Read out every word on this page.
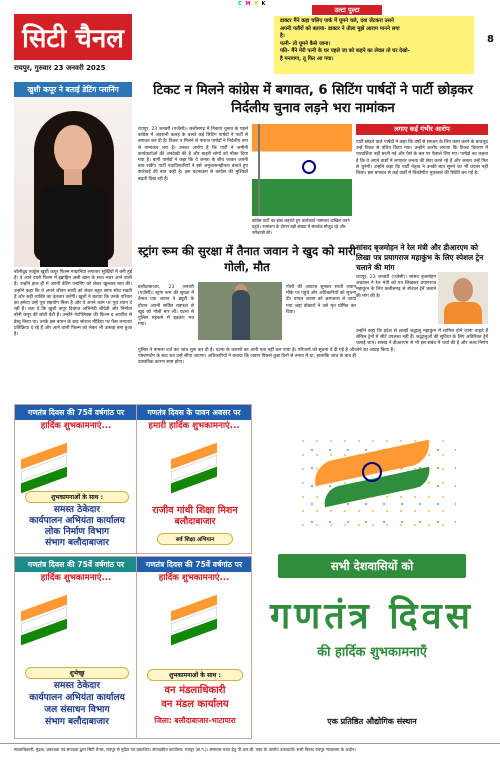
C M Y K
सिटी चैनल
रायपुर, गुरुवार 23 जनवरी 2025
उल्टा पुल्टा
डाक्टर मैंने कहा चलिए पार्क में घूमने चले, दवा लेंटकरा उसने
अपनी पतौरों को बताया- डाक्टर ने तोला मुझे आराम मानने लगा
है।
पत्नी- तो घूमने कैसे जाना।
पति- मैंने मेरी पत्नी के घर पहले जा को कहने का लेवल तो घर देखो-
है मनायगा, तू फिर आ गया।
8
खुशी कपूर ने बताई डेटिंग प्लानिंग
बॉलीवुड एक्ट्रेस खुशी कपूर फ़िल्म नादानियां लगातार सुर्खियों में बनी हुई हैं। वे आने वाली फिल्म में इब्राहिम अली खान के साथ नजर आने वाली हैं। उन्होंने हाल ही में अपनी डेटिंग प्लानिंग को लेकर खुलकर बात की। उन्होंने कहा कि वे अपने जीवन साथी को लेकर बहुत साफ सोच रखती हैं और सही व्यक्ति का इंतजार करेंगी। खुशी ने बताया कि उनके परिवार का हमेशा उन्हें पूरा सहयोग मिला है और वे अपने काम पर पूरा ध्यान दे रही हैं। बता दें कि खुशी कपूर दिवंगत अभिनेत्री श्रीदेवी और निर्माता बोनी कपूर की छोटी बेटी हैं। उन्होंने नेटफ्लिक्स की फिल्म द आर्चीज से डेब्यू किया था। उनके इस बयान के बाद सोशल मीडिया पर फैंस लगातार प्रतिक्रिया दे रहे हैं और आने वाली फिल्म को लेकर भी उत्साह बना हुआ है।
टिकट न मिलने कांग्रेस में बगावत, 6 सिटिंग पार्षदों ने पार्टी छोड़कर निर्दलीय चुनाव लड़ने भरा नामांकन
रायपुर, 23 जनवरी (एजेंसी)। छत्तीसगढ़ में निकाय चुनाव के पहले कांग्रेस में अंदरूनी कलह के चलते कई सिटिंग पार्षदों ने पार्टी से बगावत कर दी है। टिकट न मिलने से नाराज पार्षदों ने निर्दलीय रूप से नामांकन भरा है। उनका आरोप है कि पार्टी ने जमीनी कार्यकर्ताओं की अनदेखी की है और बाहरी लोगों को मौका दिया गया है। बागी पार्षदों ने कहा कि वे जनता के बीच जाकर अपनी बात रखेंगे। पार्टी पदाधिकारियों ने इसे अनुशासनहीनता बताते हुए कार्रवाई की बात कही है। इस घटनाक्रम से कांग्रेस की मुश्किलें बढ़ती दिख रही हैं।
कांग्रेस पार्टी का झंडा लहराते हुए कार्यकर्ता नामांकन दाखिल करने पहुंचे। नामांकन के दौरान बड़ी संख्या में समर्थक मौजूद रहे और नारेबाजी की।
लगाए कई गंभीर आरोप
पार्टी छोड़ने वाले पार्षदों ने कहा कि वर्षों से संगठन के लिए काम करने के बावजूद उन्हें टिकट से वंचित किया गया। उन्होंने आरोप लगाया कि टिकट वितरण में पारदर्शिता नहीं बरती गई और पैसे के बल पर फैसले लिए गए। पार्षदों का कहना है कि वे अपने वार्डों में लगातार जनता की सेवा करते रहे हैं और जनता उन्हें फिर से चुनेगी। उन्होंने कहा कि पार्टी नेतृत्व ने उनकी बात सुनने का भी प्रयास नहीं किया। इस बगावत से कई वार्डों में त्रिकोणीय मुकाबले की स्थिति बन गई है।
स्ट्रांग रूम की सुरक्षा में तैनात जवान ने खुद को मारी गोली, मौत
बलौदाबाजार, 23 जनवरी (एजेंसी)। स्ट्रांग रूम की सुरक्षा में तैनात एक जवान ने ड्यूटी के दौरान अपनी सर्विस राइफल से खुद को गोली मार ली। घटना से पुलिस महकमे में हड़कंप मच गया।
गोली की आवाज सुनकर साथी जवान मौके पर पहुंचे और अधिकारियों को सूचना दी। घायल जवान को अस्पताल ले जाया गया जहां डॉक्टरों ने उसे मृत घोषित कर दिया।
पुलिस ने मामला दर्ज कर जांच शुरू कर दी है। घटना के कारणों का अभी पता नहीं चल पाया है। परिजनों को सूचना दे दी गई है और पोस्टमार्टम के बाद शव उन्हें सौंपा जाएगा। अधिकारियों ने बताया कि जवान पिछले कुछ दिनों से तनाव में था, हालांकि जांच के बाद ही वास्तविक कारण स्पष्ट होगा।
सांसद बृजमोहन ने रेल मंत्री और डीआरएम को लिखा पत्र प्रयागराज महाकुंभ के लिए स्पेशल ट्रेन चलाने की मांग
रायपुर, 23 जनवरी (एजेंसी)। सांसद बृजमोहन अग्रवाल ने रेल मंत्री को पत्र लिखकर प्रयागराज महाकुंभ के लिए छत्तीसगढ़ से स्पेशल ट्रेनें चलाने की मांग की है।
उन्होंने कहा कि प्रदेश से लाखों श्रद्धालु महाकुंभ में शामिल होने जाना चाहते हैं लेकिन ट्रेनों में सीटें उपलब्ध नहीं हैं। श्रद्धालुओं की सुविधा के लिए अतिरिक्त ट्रेनें चलाई जाएं। सांसद ने डीआरएम से भी इस संबंध में चर्चा की है और जल्द निर्णय लेने का आग्रह किया है।
गणतंत्र दिवस की 75वें वर्षगांठ पर
हार्दिक शुभकामनाएं...
शुभकामनाओं के साथ :
समस्त ठेकेदार
कार्यपालन अभियंता कार्यालय
लोक निर्माण विभाग
संभाग बलौदाबाजार
गणतंत्र दिवस के पावन अवसर पर
हमारी हार्दिक शुभकामनाएं...
राजीव गांधी शिक्षा मिशन
बलौदाबाजार
सर्व शिक्षा अभियान
गणतंत्र दिवस की 75वें वर्षगांठ पर
हार्दिक शुभकामनाएं...
शुभेच्छु
समस्त ठेकेदार
कार्यपालन अभियंता कार्यालय
जल संसाधन विभाग
संभाग बलौदाबाजार
गणतंत्र दिवस की 75वें वर्षगांठ पर
हार्दिक शुभकामनाएं...
शुभकामनाओं के साथ :
वन मंडलाधिकारी
वन मंडल कार्यालय
जिला: बलौदाबाजार-भाटापारा
सभी देशवासियों को
गणतंत्र दिवस
की हार्दिक शुभकामनाएँ
एक प्रतिष्ठित औद्योगिक संस्थान
स्वत्वाधिकारी, मुद्रक, प्रकाशक एवं संपादक द्वारा सिटी चैनल, रायपुर से मुद्रित एवं प्रकाशित। संपादकीय कार्यालय: रायपुर (छ.ग.)। समाचार चयन हेतु पी.आर.बी. एक्ट के अंतर्गत उत्तरदायी। सभी विवाद रायपुर न्यायालय के अधीन।
